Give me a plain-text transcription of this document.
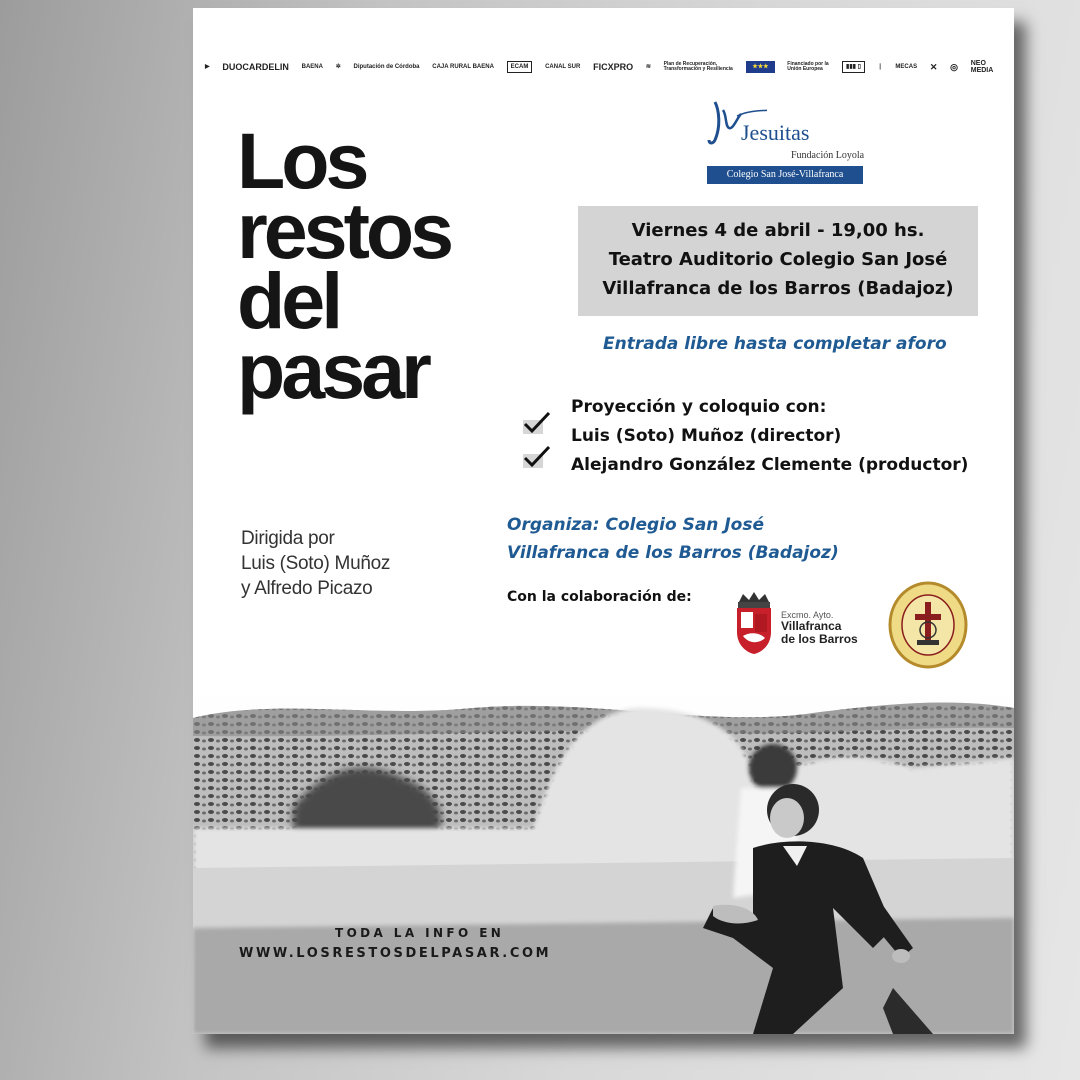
▶ DUOCARDELIN BAENA ✲ Diputación de Córdoba CAJA RURAL BAENA	ECAM	CANAL SUR FICXPRO ≋	Plan de Recuperación, Transformación y Resiliencia	★★★	Financiado por la Unión Europea	▮▮▮ ▯	❘ MECAS ✕ ◎ NEO MEDIA
Los
restos
del
pasar

Dirigida por
Luis (Soto) Muñoz
y Alfredo Picazo

Jesuitas
Fundación Loyola
Colegio San José-Villafranca
Viernes 4 de abril - 19,00 hs.
Teatro Auditorio Colegio San José
Villafranca de los Barros (Badajoz)
Entrada libre hasta completar aforo
Proyección y coloquio con:
Luis (Soto) Muñoz (director)
Alejandro González Clemente (productor)
Organiza: Colegio San José
Villafranca de los Barros (Badajoz)
Con la colaboración de:
Excmo. Ayto.
Villafranca
de los Barros
TODA LA INFO EN
WWW.LOSRESTOSDELPASAR.COM
